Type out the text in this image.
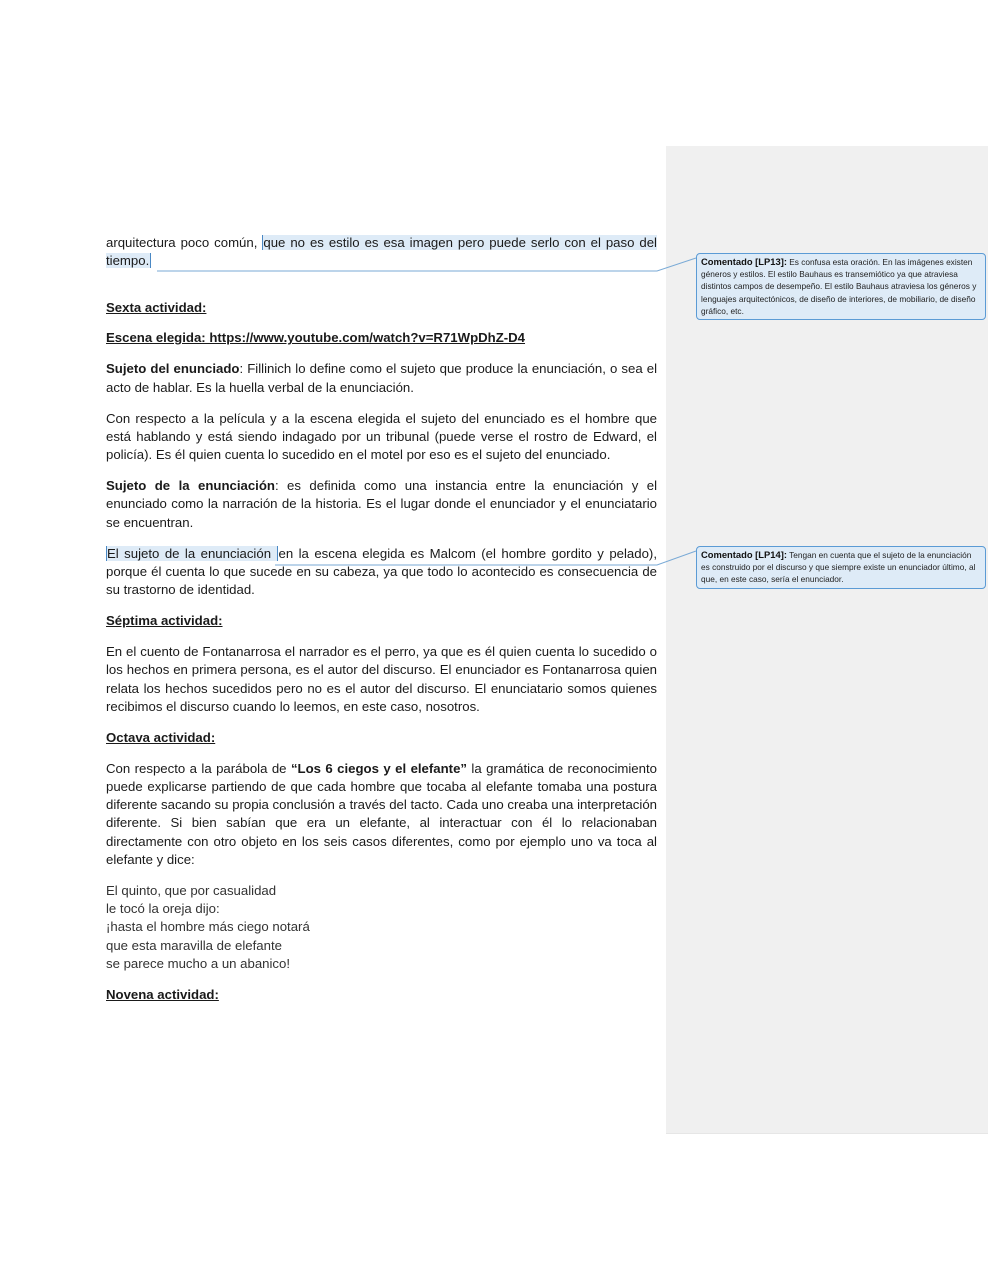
arquitectura poco común, que no es estilo es esa imagen pero puede serlo con el paso del tiempo.

Sexta actividad:

Escena elegida: https://www.youtube.com/watch?v=R71WpDhZ-D4

Sujeto del enunciado: Fillinich lo define como el sujeto que produce la enunciación, o sea el acto de hablar. Es la huella verbal de la enunciación.

Con respecto a la película y a la escena elegida el sujeto del enunciado es el hombre que está hablando y está siendo indagado por un tribunal (puede verse el rostro de Edward, el policía). Es él quien cuenta lo sucedido en el motel por eso es el sujeto del enunciado.

Sujeto de la enunciación: es definida como una instancia entre la enunciación y el enunciado como la narración de la historia. Es el lugar donde el enunciador y el enunciatario se encuentran.

El sujeto de la enunciación en la escena elegida es Malcom (el hombre gordito y pelado), porque él cuenta lo que sucede en su cabeza, ya que todo lo acontecido es consecuencia de su trastorno de identidad.

Séptima actividad:

En el cuento de Fontanarrosa el narrador es el perro, ya que es él quien cuenta lo sucedido o los hechos en primera persona, es el autor del discurso. El enunciador es Fontanarrosa quien relata los hechos sucedidos pero no es el autor del discurso. El enunciatario somos quienes recibimos el discurso cuando lo leemos, en este caso, nosotros.

Octava actividad:

Con respecto a la parábola de “Los 6 ciegos y el elefante” la gramática de reconocimiento puede explicarse partiendo de que cada hombre que tocaba al elefante tomaba una postura diferente sacando su propia conclusión a través del tacto. Cada uno creaba una interpretación diferente. Si bien sabían que era un elefante, al interactuar con él lo relacionaban directamente con otro objeto en los seis casos diferentes, como por ejemplo uno va toca al elefante y dice:

El quinto, que por casualidad
le tocó la oreja dijo:
¡hasta el hombre más ciego notará
que esta maravilla de elefante
se parece mucho a un abanico!

Novena actividad:

Comentado [LP13]: Es confusa esta oración. En las imágenes existen géneros y estilos. El estilo Bauhaus es transemiótico ya que atraviesa distintos campos de desempeño. El estilo Bauhaus atraviesa los géneros y lenguajes arquitectónicos, de diseño de interiores, de mobiliario, de diseño gráfico, etc.
Comentado [LP14]: Tengan en cuenta que el sujeto de la enunciación es construido por el discurso y que siempre existe un enunciador último, al que, en este caso, sería el enunciador.
